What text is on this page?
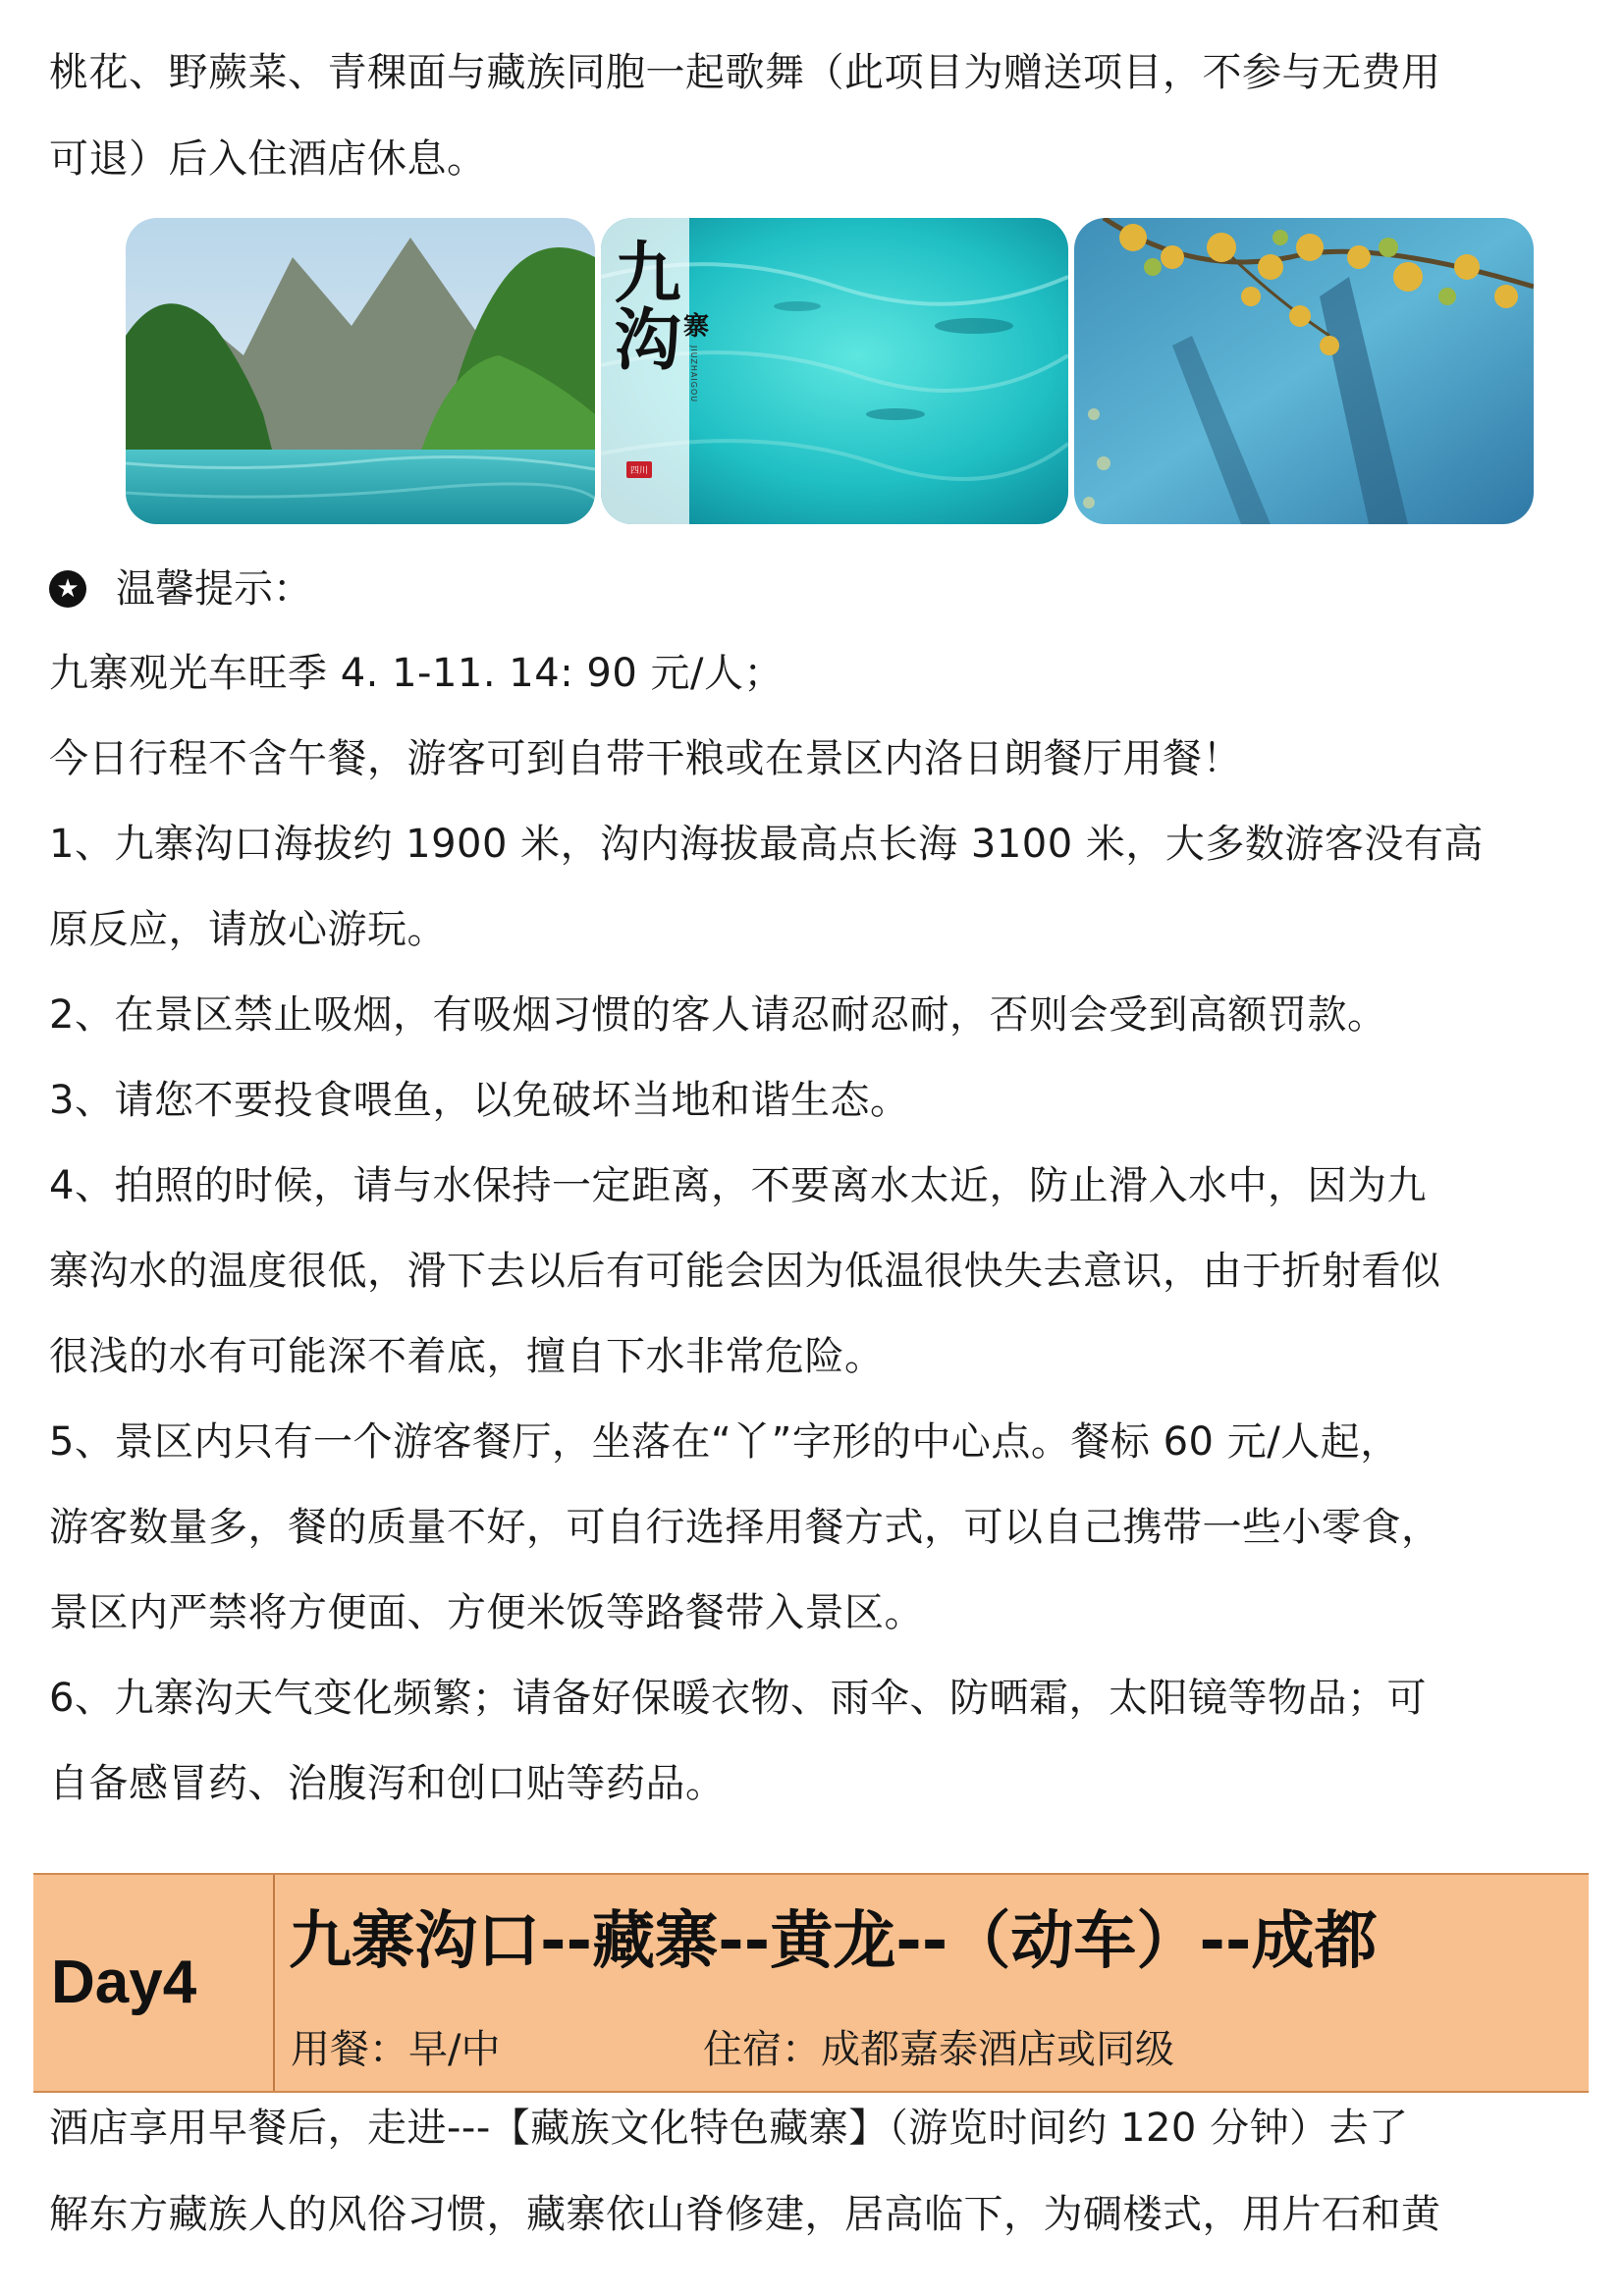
桃花、野蕨菜、青稞面与藏族同胞一起歌舞（此项目为赠送项目，不参与无费用
可退）后入住酒店休息。
九沟 寨
JIUZHAIGOU
四川
★ 温馨提示：
九寨观光车旺季 4. 1-11. 14: 90 元/人；
今日行程不含午餐，游客可到自带干粮或在景区内洛日朗餐厅用餐！
1、九寨沟口海拔约 1900 米，沟内海拔最高点长海 3100 米，大多数游客没有高
原反应，请放心游玩。
2、在景区禁止吸烟，有吸烟习惯的客人请忍耐忍耐，否则会受到高额罚款。
3、请您不要投食喂鱼，以免破坏当地和谐生态。
4、拍照的时候，请与水保持一定距离，不要离水太近，防止滑入水中，因为九
寨沟水的温度很低，滑下去以后有可能会因为低温很快失去意识，由于折射看似
很浅的水有可能深不着底，擅自下水非常危险。
5、景区内只有一个游客餐厅，坐落在“丫”字形的中心点。餐标 60 元/人起，
游客数量多，餐的质量不好，可自行选择用餐方式，可以自己携带一些小零食，
景区内严禁将方便面、方便米饭等路餐带入景区。
6、九寨沟天气变化频繁；请备好保暖衣物、雨伞、防晒霜，太阳镜等物品；可
自备感冒药、治腹泻和创口贴等药品。
Day4
九寨沟口--藏寨--黄龙--（动车）--成都
用餐：早/中	住宿：成都嘉泰酒店或同级
酒店享用早餐后，走进---【藏族文化特色藏寨】（游览时间约 120 分钟）去了
解东方藏族人的风俗习惯，藏寨依山脊修建，居高临下，为碉楼式，用片石和黄
